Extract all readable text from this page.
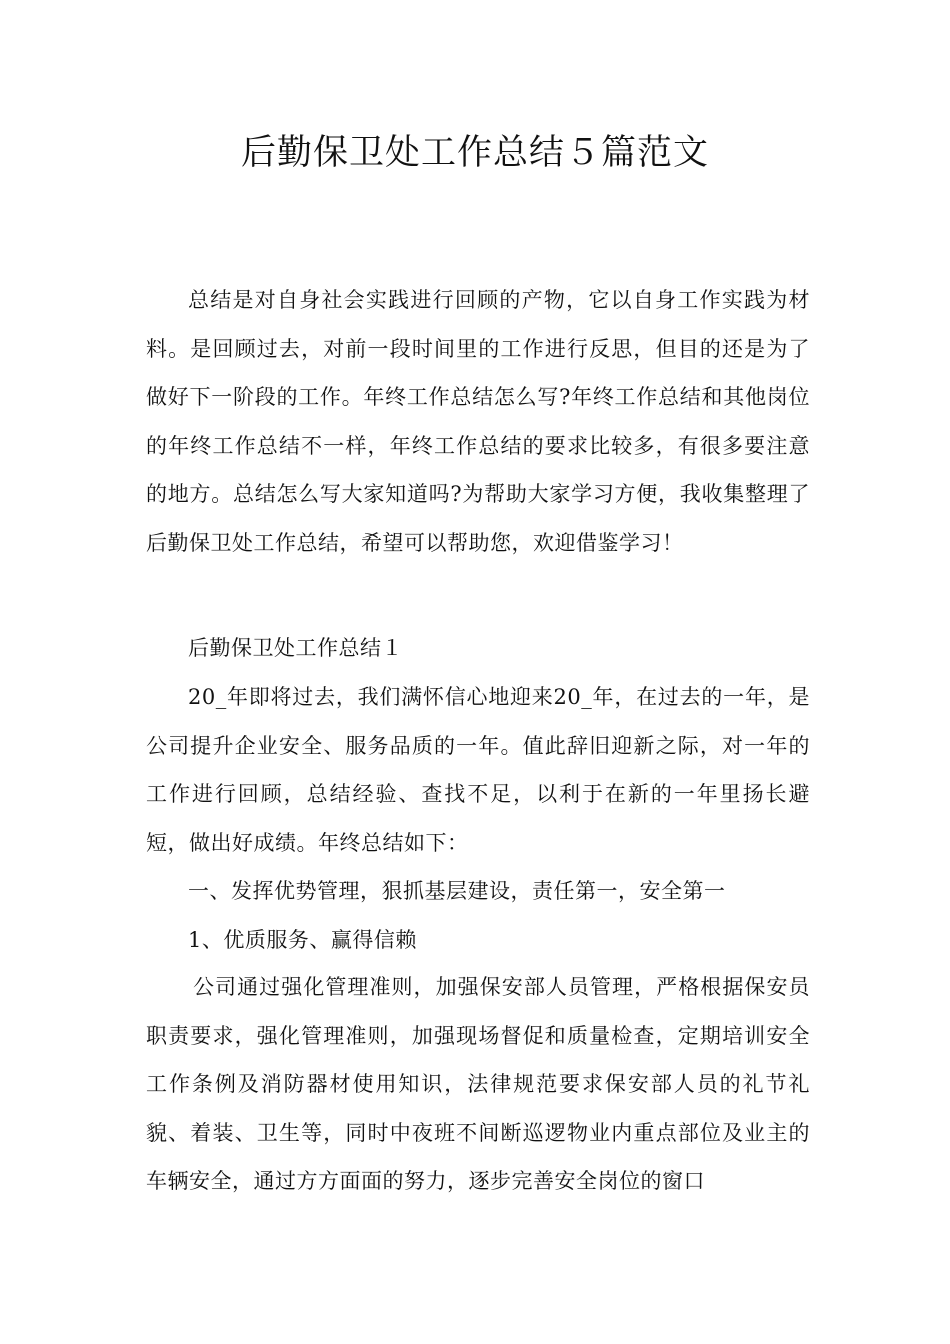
后勤保卫处工作总结５篇范文

总结是对自身社会实践进行回顾的产物，它以自身工作实践为材料。是回顾过去，对前一段时间里的工作进行反思，但目的还是为了做好下一阶段的工作。年终工作总结怎么写?年终工作总结和其他岗位的年终工作总结不一样，年终工作总结的要求比较多，有很多要注意的地方。总结怎么写大家知道吗?为帮助大家学习方便，我收集整理了后勤保卫处工作总结，希望可以帮助您，欢迎借鉴学习！

后勤保卫处工作总结１

20_年即将过去，我们满怀信心地迎来20_年，在过去的一年，是公司提升企业安全、服务品质的一年。值此辞旧迎新之际，对一年的工作进行回顾，总结经验、查找不足，以利于在新的一年里扬长避短，做出好成绩。年终总结如下：

一、发挥优势管理，狠抓基层建设，责任第一，安全第一

1、优质服务、赢得信赖

公司通过强化管理准则，加强保安部人员管理，严格根据保安员职责要求，强化管理准则，加强现场督促和质量检查，定期培训安全工作条例及消防器材使用知识，法律规范要求保安部人员的礼节礼貌、着装、卫生等，同时中夜班不间断巡逻物业内重点部位及业主的车辆安全，通过方方面面的努力，逐步完善安全岗位的窗口
